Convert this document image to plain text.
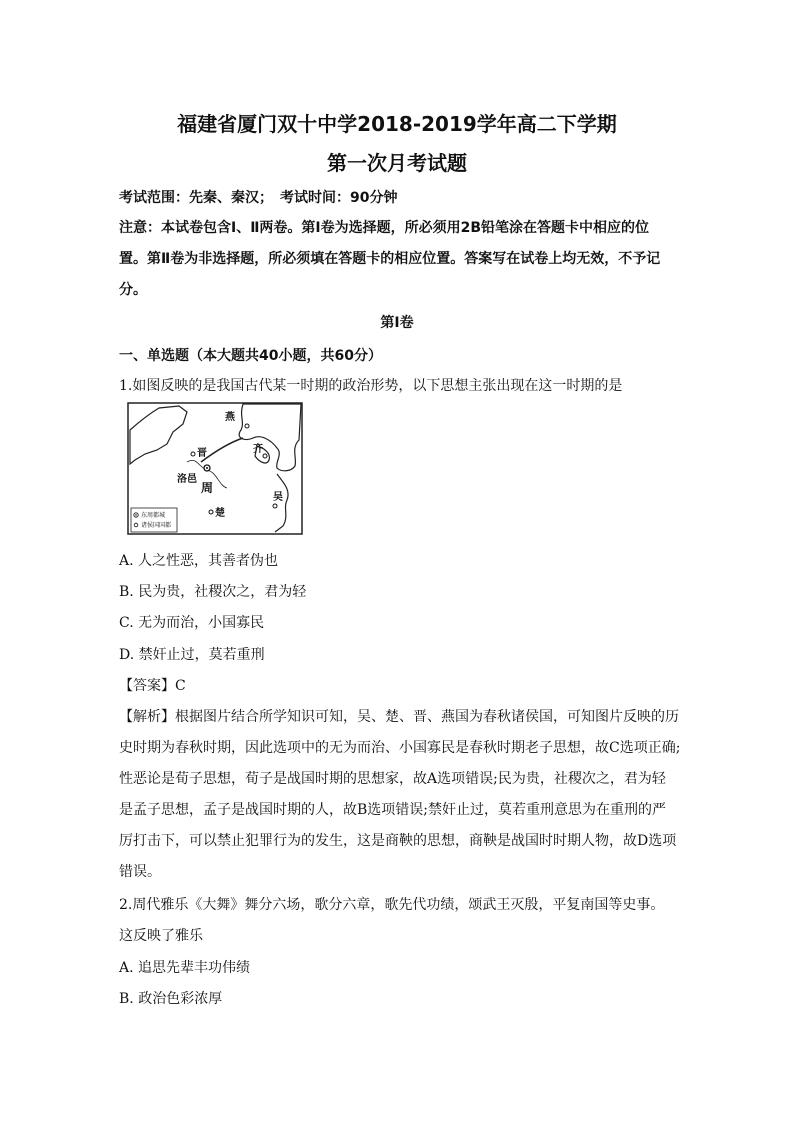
福建省厦门双十中学2018-2019学年高二下学期
第一次月考试题
考试范围：先秦、秦汉；　考试时间：90分钟
注意：本试卷包含Ⅰ、Ⅱ两卷。第Ⅰ卷为选择题，所必须用2B铅笔涂在答题卡中相应的位
置。第Ⅱ卷为非选择题，所必须填在答题卡的相应位置。答案写在试卷上均无效，不予记
分。
第Ⅰ卷
一、单选题（本大题共40小题，共60分）
1.如图反映的是我国古代某一时期的政治形势，以下思想主张出现在这一时期的是
燕
晋	齐
洛邑
周
吴
楚
东周都城
诸侯国国都
A. 人之性恶，其善者伪也
B. 民为贵，社稷次之，君为轻
C. 无为而治，小国寡民
D. 禁奸止过，莫若重刑
【答案】C
【解析】根据图片结合所学知识可知，吴、楚、晋、燕国为春秋诸侯国，可知图片反映的历
史时期为春秋时期，因此选项中的无为而治、小国寡民是春秋时期老子思想，故C选项正确;
性恶论是荀子思想，荀子是战国时期的思想家，故A选项错误;民为贵，社稷次之，君为轻
是孟子思想，孟子是战国时期的人，故B选项错误;禁奸止过，莫若重刑意思为在重刑的严
厉打击下，可以禁止犯罪行为的发生，这是商鞅的思想，商鞅是战国时时期人物，故D选项
错误。
2.周代雅乐《大舞》舞分六场，歌分六章，歌先代功绩，颂武王灭殷，平复南国等史事。
这反映了雅乐
A. 追思先辈丰功伟绩
B. 政治色彩浓厚
